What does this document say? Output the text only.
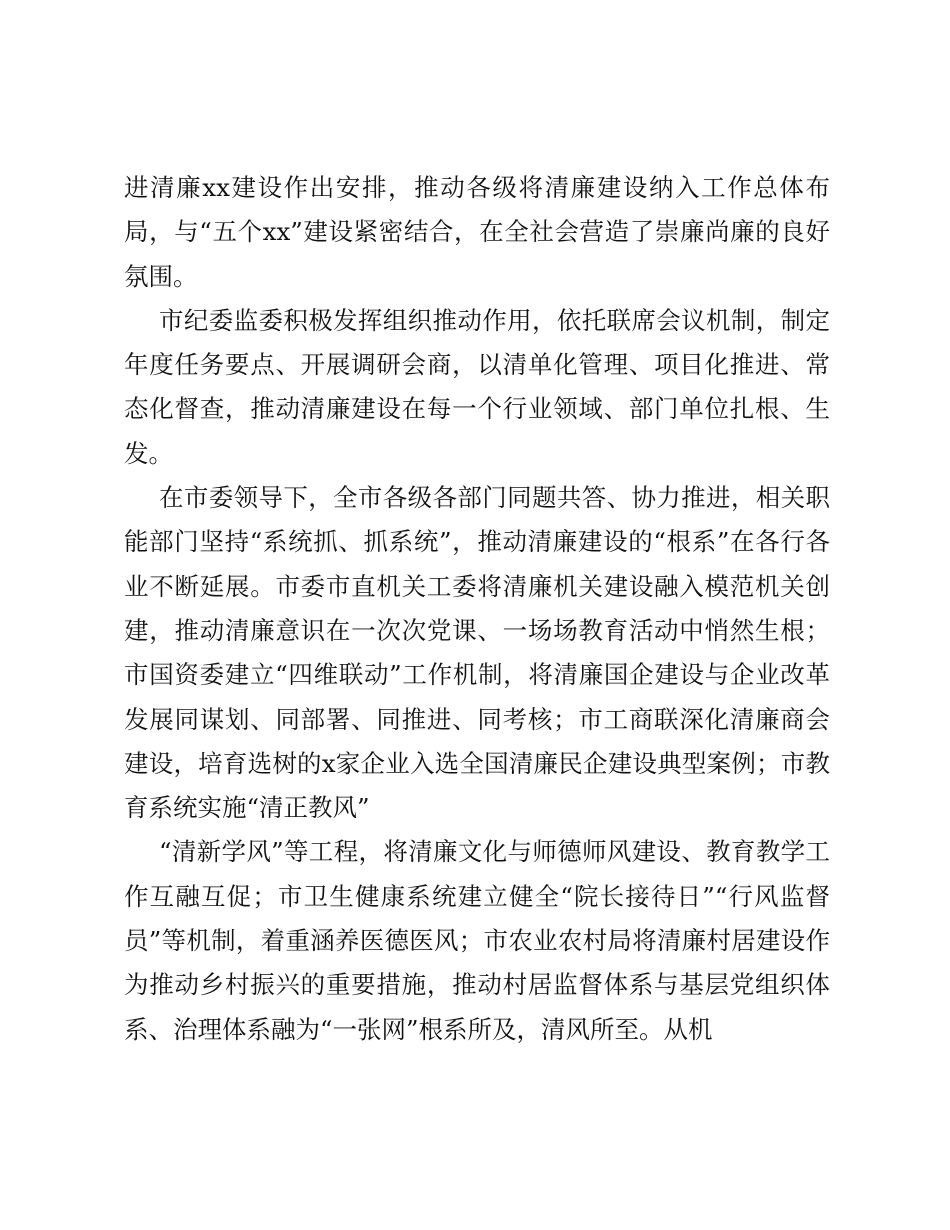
进清廉xx建设作出安排，推动各级将清廉建设纳入工作总体布局，与“五个xx”建设紧密结合，在全社会营造了崇廉尚廉的良好氛围。

市纪委监委积极发挥组织推动作用，依托联席会议机制，制定年度任务要点、开展调研会商，以清单化管理、项目化推进、常态化督查，推动清廉建设在每一个行业领域、部门单位扎根、生发。

在市委领导下，全市各级各部门同题共答、协力推进，相关职能部门坚持“系统抓、抓系统”，推动清廉建设的“根系”在各行各业不断延展。市委市直机关工委将清廉机关建设融入模范机关创建，推动清廉意识在一次次党课、一场场教育活动中悄然生根；市国资委建立“四维联动”工作机制，将清廉国企建设与企业改革发展同谋划、同部署、同推进、同考核；市工商联深化清廉商会建设，培育选树的x家企业入选全国清廉民企建设典型案例；市教育系统实施“清正教风”

“清新学风”等工程，将清廉文化与师德师风建设、教育教学工作互融互促；市卫生健康系统建立健全“院长接待日”“行风监督员”等机制，着重涵养医德医风；市农业农村局将清廉村居建设作为推动乡村振兴的重要措施，推动村居监督体系与基层党组织体系、治理体系融为“一张网”根系所及，清风所至。从机
